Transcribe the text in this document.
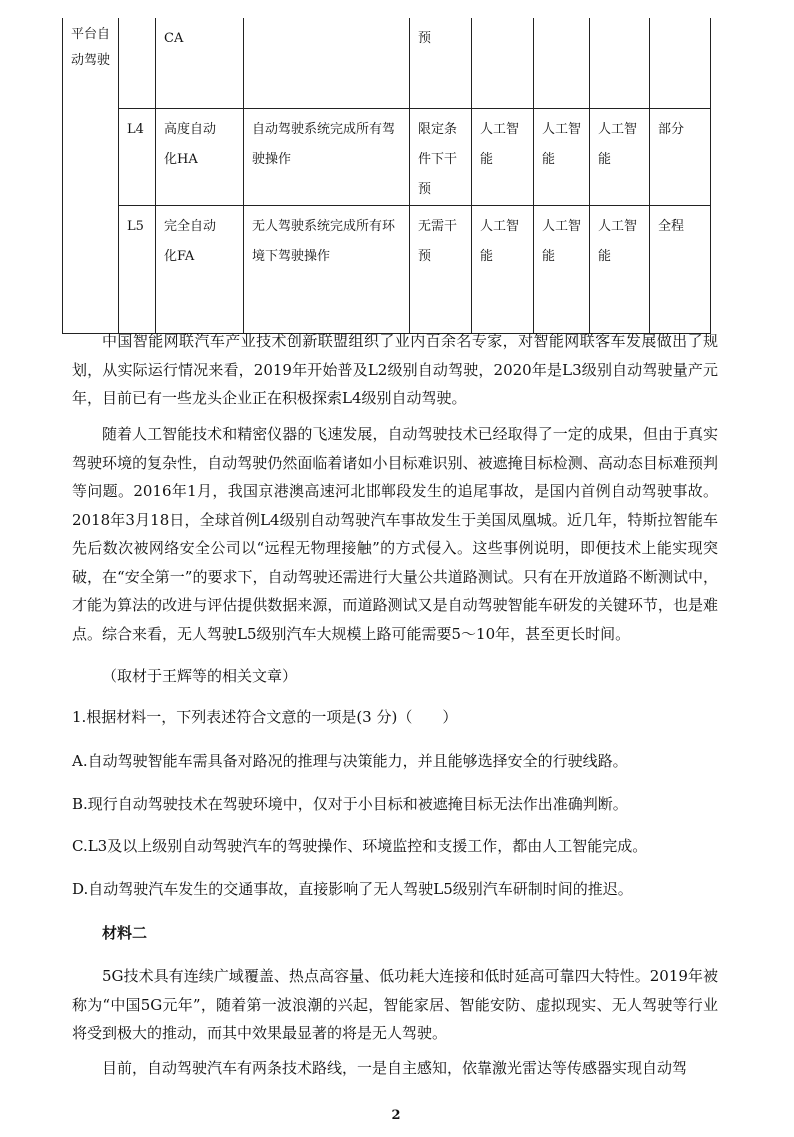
平台自动驾驶		CA		预				

	L4	高度自动化HA	自动驾驶系统完成所有驾驶操作	限定条件下干预	人工智能	人工智能	人工智能	部分

	L5	完全自动化FA	无人驾驶系统完成所有环境下驾驶操作	无需干预	人工智能	人工智能	人工智能	全程

中国智能网联汽车产业技术创新联盟组织了业内百余名专家，对智能网联客车发展做出了规划，从实际运行情况来看，2019年开始普及L2级别自动驾驶，2020年是L3级别自动驾驶量产元年，目前已有一些龙头企业正在积极探索L4级别自动驾驶。

随着人工智能技术和精密仪器的飞速发展，自动驾驶技术已经取得了一定的成果，但由于真实驾驶环境的复杂性，自动驾驶仍然面临着诸如小目标难识别、被遮掩目标检测、高动态目标难预判等问题。2016年1月，我国京港澳高速河北邯郸段发生的追尾事故，是国内首例自动驾驶事故。2018年3月18日，全球首例L4级别自动驾驶汽车事故发生于美国凤凰城。近几年，特斯拉智能车先后数次被网络安全公司以“远程无物理接触”的方式侵入。这些事例说明，即便技术上能实现突破，在“安全第一”的要求下，自动驾驶还需进行大量公共道路测试。只有在开放道路不断测试中，才能为算法的改进与评估提供数据来源，而道路测试又是自动驾驶智能车研发的关键环节，也是难点。综合来看，无人驾驶L5级别汽车大规模上路可能需要5～10年，甚至更长时间。

（取材于王辉等的相关文章）
1.根据材料一，下列表述符合文意的一项是(3 分)（　　）
A.自动驾驶智能车需具备对路况的推理与决策能力，并且能够选择安全的行驶线路。
B.现行自动驾驶技术在驾驶环境中，仅对于小目标和被遮掩目标无法作出准确判断。
C.L3及以上级别自动驾驶汽车的驾驶操作、环境监控和支援工作，都由人工智能完成。
D.自动驾驶汽车发生的交通事故，直接影响了无人驾驶L5级别汽车研制时间的推迟。
材料二

5G技术具有连续广域覆盖、热点高容量、低功耗大连接和低时延高可靠四大特性。2019年被称为“中国5G元年”，随着第一波浪潮的兴起，智能家居、智能安防、虚拟现实、无人驾驶等行业将受到极大的推动，而其中效果最显著的将是无人驾驶。

目前，自动驾驶汽车有两条技术路线，一是自主感知，依靠激光雷达等传感器实现自动驾
2
